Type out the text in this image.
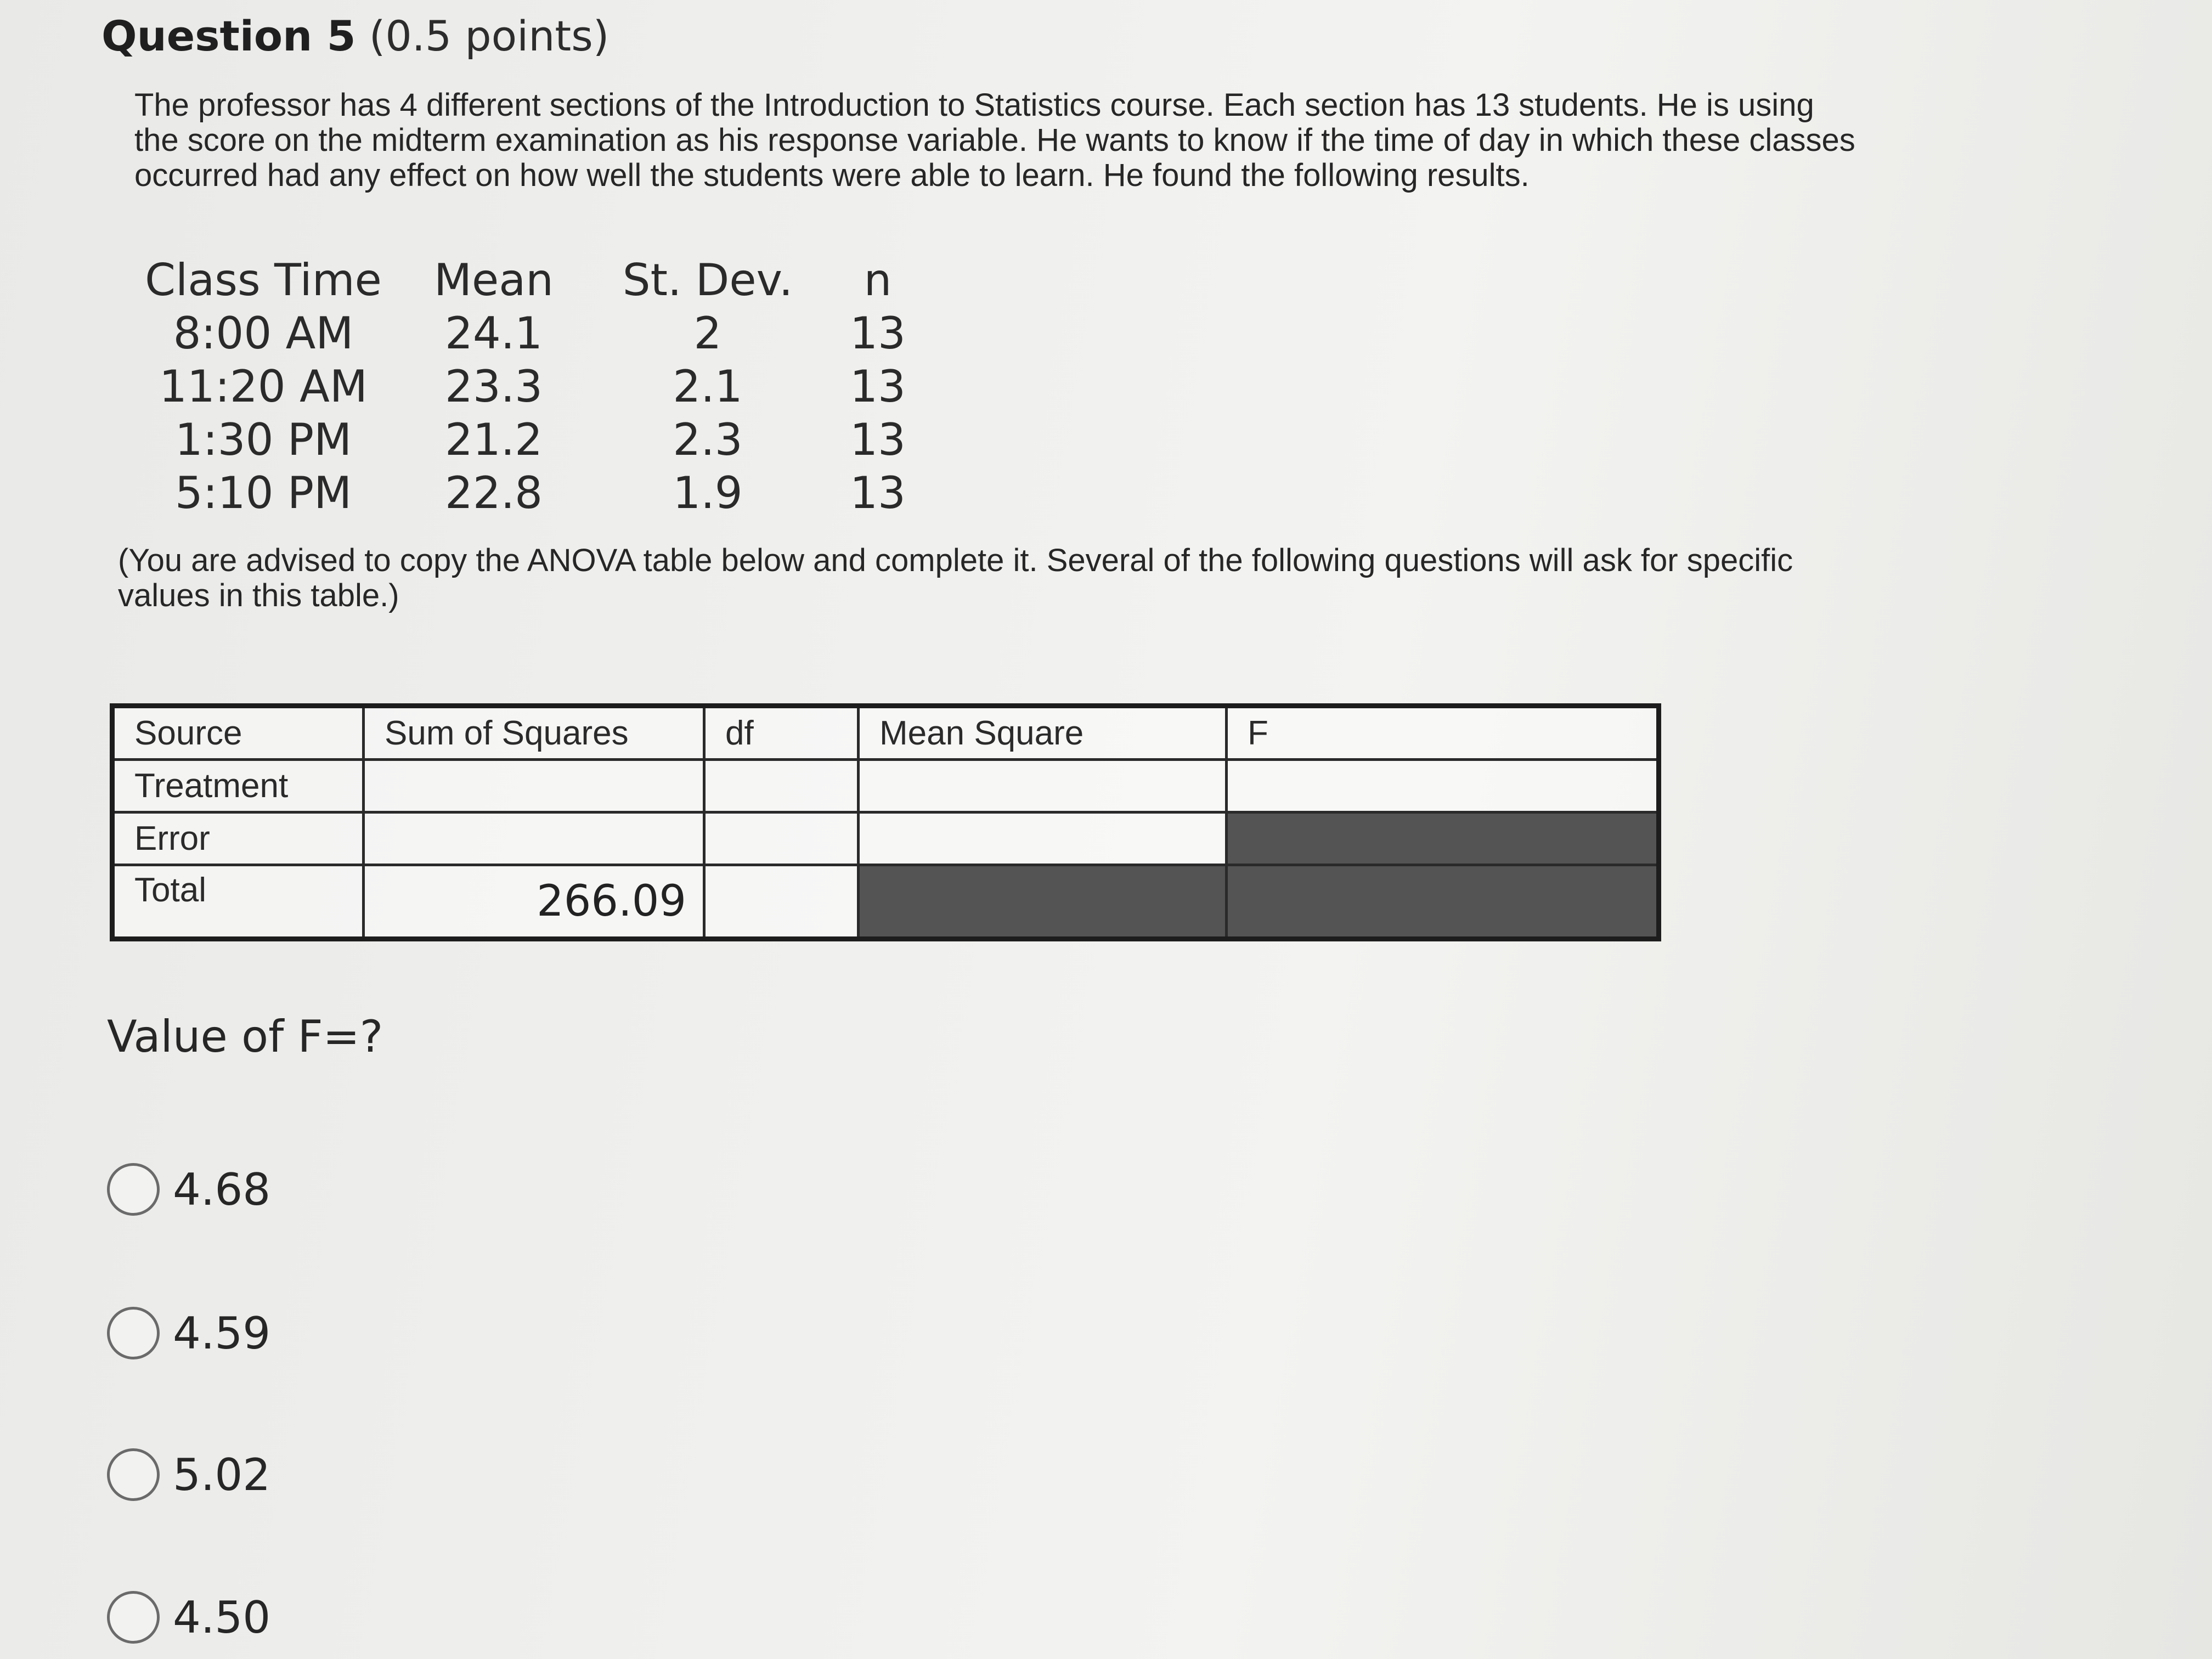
Question 5 (0.5 points)
The professor has 4 different sections of the Introduction to Statistics course. Each section has 13 students. He is using the score on the midterm examination as his response variable. He wants to know if the time of day in which these classes occurred had any effect on how well the students were able to learn. He found the following results.
Class Time	Mean	St. Dev.	n
8:00 AM	24.1	2	13
11:20 AM	23.3	2.1	13
1:30 PM	21.2	2.3	13
5:10 PM	22.8	1.9	13
(You are advised to copy the ANOVA table below and complete it. Several of the following questions will ask for specific values in this table.)
Source	Sum of Squares	df	Mean Square	F
Treatment				
Error				
Total	266.09			
Value of F=?
4.68
4.59
5.02
4.50
